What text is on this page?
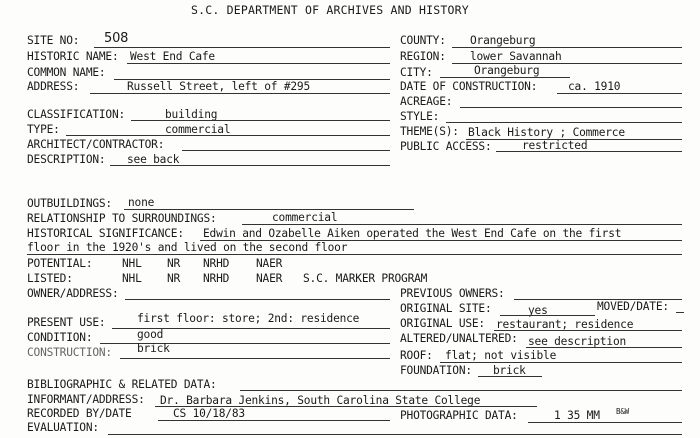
S.C. DEPARTMENT OF ARCHIVES AND HISTORY
SITE NO: 508
HISTORIC NAME: West End Cafe
COMMON NAME:
ADDRESS:	Russell Street, left of #295
CLASSIFICATION:	building
TYPE:	commercial
ARCHITECT/CONTRACTOR:
DESCRIPTION: see back
COUNTY: Orangeburg
REGION: lower Savannah
CITY:	Orangeburg
DATE OF CONSTRUCTION:	ca. 1910
ACREAGE:
STYLE:
THEME(S): Black History ; Commerce
PUBLIC ACCESS:	restricted
OUTBUILDINGS: none
RELATIONSHIP TO SURROUNDINGS:	commercial
HISTORICAL SIGNIFICANCE: Edwin and Ozabelle Aiken operated the West End Cafe on the first
floor in the 1920's and lived on the second floor
POTENTIAL:	NHL NR NRHD NAER
LISTED:	NHL NR NRHD NAER S.C. MARKER PROGRAM
OWNER/ADDRESS:
PRESENT USE:	first floor: store; 2nd: residence
CONDITION:	good
CONSTRUCTION: brick
PREVIOUS OWNERS:
ORIGINAL SITE:	yes	MOVED/DATE:
ORIGINAL USE: restaurant; residence
ALTERED/UNALTERED: see description
ROOF: flat; not visible
FOUNDATION: brick
BIBLIOGRAPHIC & RELATED DATA:
INFORMANT/ADDRESS: Dr. Barbara Jenkins, South Carolina State College
RECORDED BY/DATE	CS 10/18/83	PHOTOGRAPHIC DATA:	1 35 MM B&W
EVALUATION:
